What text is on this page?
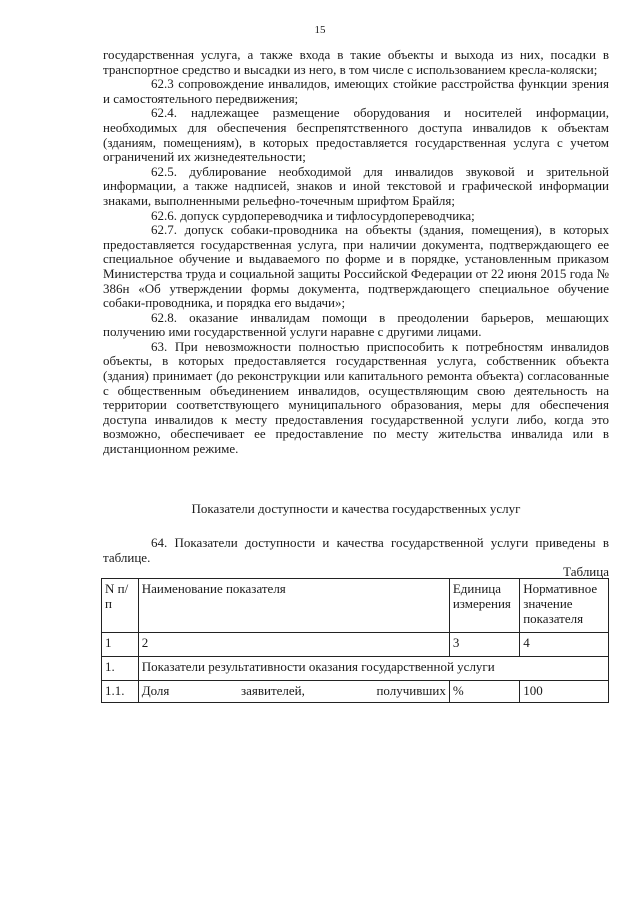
15

государственная услуга, а также входа в такие объекты и выхода из них, посадки в транспортное средство и высадки из него, в том числе с использованием кресла-коляски;

62.3 сопровождение инвалидов, имеющих стойкие расстройства функции зрения и самостоятельного передвижения;

62.4. надлежащее размещение оборудования и носителей информации, необходимых для обеспечения беспрепятственного доступа инвалидов к объектам (зданиям, помещениям), в которых предоставляется государственная услуга с учетом ограничений их жизнедеятельности;

62.5. дублирование необходимой для инвалидов звуковой и зрительной информации, а также надписей, знаков и иной текстовой и графической информации знаками, выполненными рельефно-точечным шрифтом Брайля;

62.6. допуск сурдопереводчика и тифлосурдопереводчика;

62.7. допуск собаки-проводника на объекты (здания, помещения), в которых предоставляется государственная услуга, при наличии документа, подтверждающего ее специальное обучение и выдаваемого по форме и в порядке, установленным приказом Министерства труда и социальной защиты Российской Федерации от 22 июня 2015 года № 386н «Об утверждении формы документа, подтверждающего специальное обучение собаки-проводника, и порядка его выдачи»;

62.8. оказание инвалидам помощи в преодолении барьеров, мешающих получению ими государственной услуги наравне с другими лицами.

63. При невозможности полностью приспособить к потребностям инвалидов объекты, в которых предоставляется государственная услуга, собственник объекта (здания) принимает (до реконструкции или капитального ремонта объекта) согласованные с общественным объединением инвалидов, осуществляющим свою деятельность на территории соответствующего муниципального образования, меры для обеспечения доступа инвалидов к месту предоставления государственной услуги либо, когда это возможно, обеспечивает ее предоставление по месту жительства инвалида или в дистанционном режиме.

Показатели доступности и качества государственных услуг

64. Показатели доступности и качества государственной услуги приведены в таблице.

Таблица
N п/п	Наименование показателя	Единица измерения	Нормативное значение показателя
1	2	3	4
1.	Показатели результативности оказания государственной услуги		
1.1.	Доля заявителей, получивших	%	100
